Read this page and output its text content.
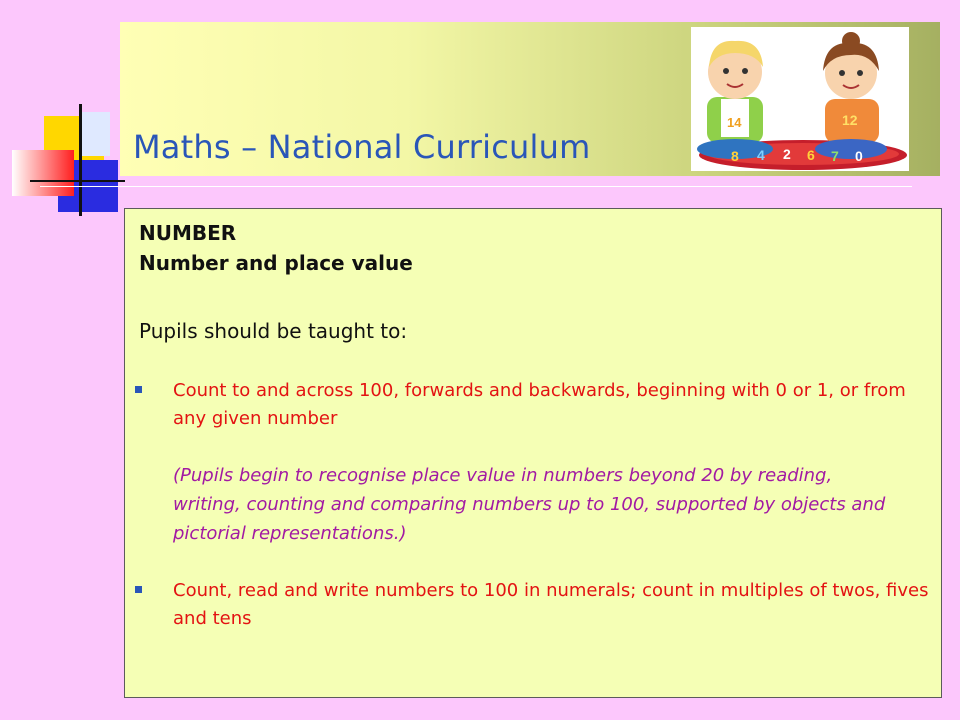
Maths – National Curriculum
14	12
8 4 2 6 7 0

NUMBER

Number and place value

Pupils should be taught to:

Count to and across 100, forwards and backwards, beginning with 0 or 1, or from any given number

(Pupils begin to recognise place value in numbers beyond 20 by reading, writing, counting and comparing numbers up to 100, supported by objects and pictorial representations.)

Count, read and write numbers to 100 in numerals; count in multiples of twos, fives and tens
